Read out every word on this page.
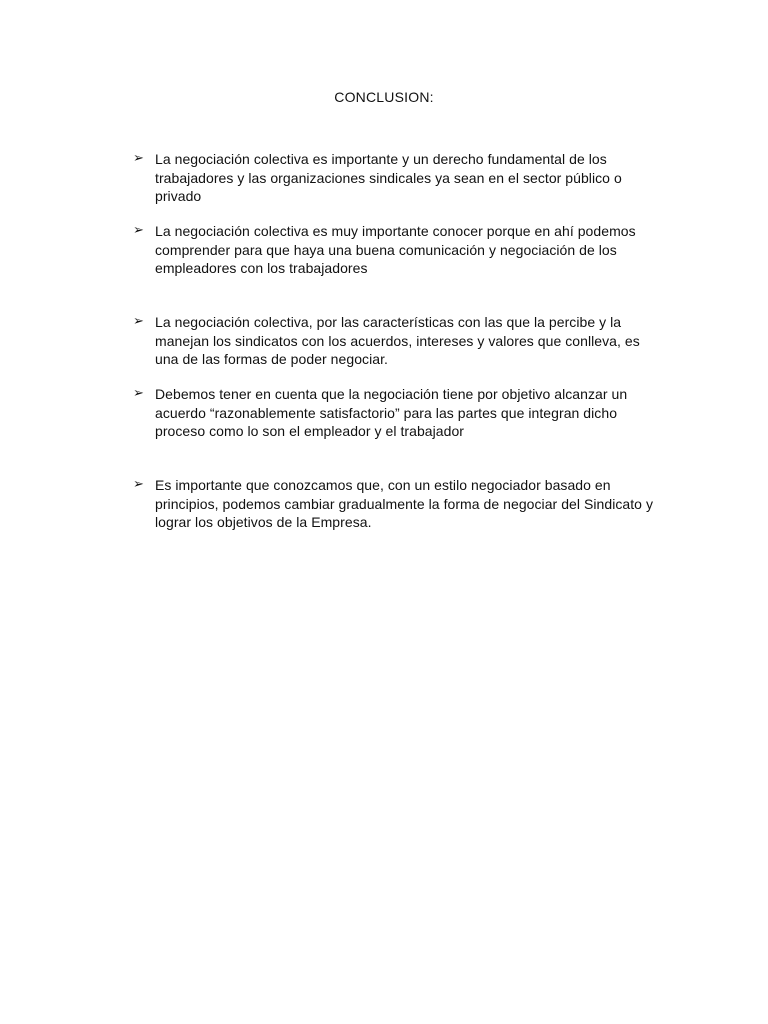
CONCLUSION:
➢ La negociación colectiva es importante y un derecho fundamental de los trabajadores y las organizaciones sindicales ya sean en el sector público o privado
➢ La negociación colectiva es muy importante conocer porque en ahí podemos comprender para que haya una buena comunicación y negociación de los empleadores con los trabajadores
➢ La negociación colectiva, por las características con las que la percibe y la manejan los sindicatos con los acuerdos, intereses y valores que conlleva, es una de las formas de poder negociar.
➢ Debemos tener en cuenta que la negociación tiene por objetivo alcanzar un acuerdo “razonablemente satisfactorio” para las partes que integran dicho proceso como lo son el empleador y el trabajador
➢ Es importante que conozcamos que, con un estilo negociador basado en principios, podemos cambiar gradualmente la forma de negociar del Sindicato y lograr los objetivos de la Empresa.
